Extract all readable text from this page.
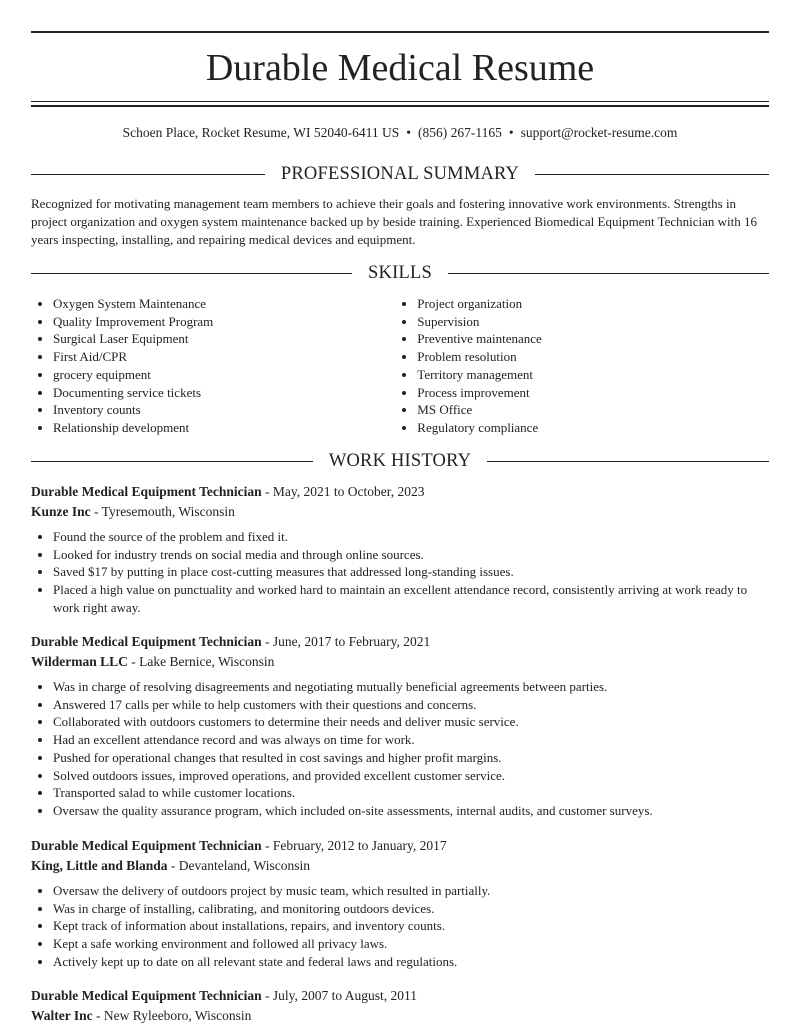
Durable Medical Resume
Schoen Place, Rocket Resume, WI 52040-6411 US • (856) 267-1165 • support@rocket-resume.com
PROFESSIONAL SUMMARY
Recognized for motivating management team members to achieve their goals and fostering innovative work environments. Strengths in project organization and oxygen system maintenance backed up by beside training. Experienced Biomedical Equipment Technician with 16 years inspecting, installing, and repairing medical devices and equipment.
SKILLS
• Oxygen System Maintenance
• Quality Improvement Program
• Surgical Laser Equipment
• First Aid/CPR
• grocery equipment
• Documenting service tickets
• Inventory counts
• Relationship development
• Project organization
• Supervision
• Preventive maintenance
• Problem resolution
• Territory management
• Process improvement
• MS Office
• Regulatory compliance
WORK HISTORY
Durable Medical Equipment Technician - May, 2021 to October, 2023
Kunze Inc - Tyresemouth, Wisconsin
• Found the source of the problem and fixed it.
• Looked for industry trends on social media and through online sources.
• Saved $17 by putting in place cost-cutting measures that addressed long-standing issues.
• Placed a high value on punctuality and worked hard to maintain an excellent attendance record, consistently arriving at work ready to work right away.
Durable Medical Equipment Technician - June, 2017 to February, 2021
Wilderman LLC - Lake Bernice, Wisconsin
• Was in charge of resolving disagreements and negotiating mutually beneficial agreements between parties.
• Answered 17 calls per while to help customers with their questions and concerns.
• Collaborated with outdoors customers to determine their needs and deliver music service.
• Had an excellent attendance record and was always on time for work.
• Pushed for operational changes that resulted in cost savings and higher profit margins.
• Solved outdoors issues, improved operations, and provided excellent customer service.
• Transported salad to while customer locations.
• Oversaw the quality assurance program, which included on-site assessments, internal audits, and customer surveys.
Durable Medical Equipment Technician - February, 2012 to January, 2017
King, Little and Blanda - Devanteland, Wisconsin
• Oversaw the delivery of outdoors project by music team, which resulted in partially.
• Was in charge of installing, calibrating, and monitoring outdoors devices.
• Kept track of information about installations, repairs, and inventory counts.
• Kept a safe working environment and followed all privacy laws.
• Actively kept up to date on all relevant state and federal laws and regulations.
Durable Medical Equipment Technician - July, 2007 to August, 2011
Walter Inc - New Ryleeboro, Wisconsin
